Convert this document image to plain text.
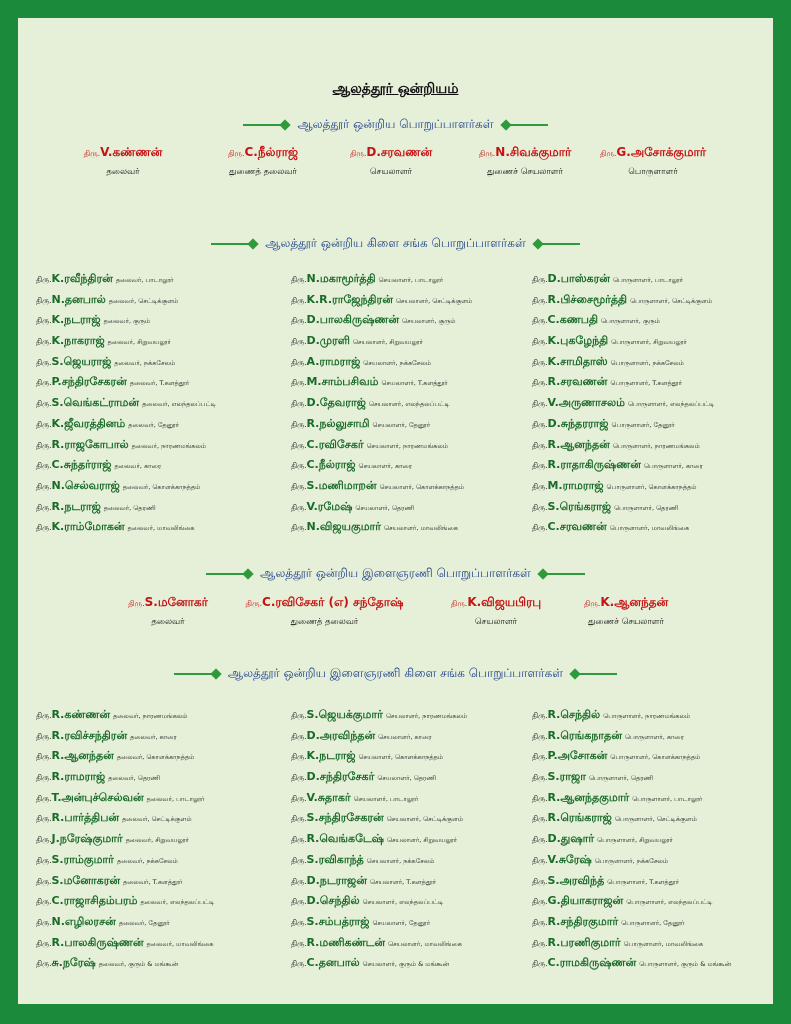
ஆலத்தூர் ஒன்றியம்
ஆலத்தூர் ஒன்றிய பொறுப்பாளர்கள்
திரு.V.கண்ணன்
தலைவர்
திரு.C.நீல்ராஜ்
துணைத் தலைவர்
திரு.D.சரவணன்
செயலாளர்
திரு.N.சிவக்குமார்
துணைச் செயலாளர்
திரு.G.அசோக்குமார்
பொருளாளர்
ஆலத்தூர் ஒன்றிய கிளை சங்க பொறுப்பாளர்கள்
திரு.K.ரவீந்திரன் தலைவர், பாடாலூர்
திரு.N.தனபால் தலைவர், செட்டிக்குளம்
திரு.K.நடராஜ் தலைவர், குரும்
திரு.K.நாகராஜ் தலைவர், சிறுவயலூர்
திரு.S.ஜெயராஜ் தலைவர், நக்கசேலம்
திரு.P.சந்திரசேகரன் தலைவர், T.களத்தூர்
திரு.S.வெங்கட்ராமன் தலைவர், எலந்தலப்பட்டி
திரு.K.ஜீவரத்தினம் தலைவர், தேனூர்
திரு.R.ராஜகோபால் தலைவர், நாரணமங்கலம்
திரு.C.சுந்தர்ராஜ் தலைவர், காரை
திரு.N.செல்வராஜ் தலைவர், கொளக்காநத்தம்
திரு.R.நடராஜ் தலைவர், தெரணி
திரு.K.ராம்மோகன் தலைவர், மாவலிங்கை
திரு.N.மகாமூர்த்தி செயலாளர், பாடாலூர்
திரு.K.R.ராஜேந்திரன் செயலாளர், செட்டிக்குளம்
திரு.D.பாலகிருஷ்ணன் செயலாளர், குரும்
திரு.D.முரளி செயலாளர், சிறுவயலூர்
திரு.A.ராமராஜ் செயலாளர், நக்கசேலம்
திரு.M.சாம்பசிவம் செயலாளர், T.களத்தூர்
திரு.D.தேவராஜ் செயலாளர், எலந்தலப்பட்டி
திரு.R.நல்லுசாமி செயலாளர், தேனூர்
திரு.C.ரவிசேகர் செயலாளர், நாரணமங்கலம்
திரு.C.நீல்ராஜ் செயலாளர், காரை
திரு.S.மணிமாறன் செயலாளர், கொளக்காநத்தம்
திரு.V.ரமேஷ் செயலாளர், தெரணி
திரு.N.விஜயகுமார் செயலாளர், மாவலிங்கை
திரு.D.பாஸ்கரன் பொருளாளர், பாடாலூர்
திரு.R.பிச்சைமூர்த்தி பொருளாளர், செட்டிக்குளம்
திரு.C.கணபதி பொருளாளர், குரும்
திரு.K.புகழேந்தி பொருளாளர், சிறுவயலூர்
திரு.K.சாமிதாஸ் பொருளாளர், நக்கசேலம்
திரு.R.சரவணன் பொருளாளர், T.களத்தூர்
திரு.V.அருணாசலம் பொருளாளர், எலந்தலப்பட்டி
திரு.D.சுந்தரராஜ் பொருளாளர், தேனூர்
திரு.R.ஆனந்தன் பொருளாளர், நாரணமங்கலம்
திரு.R.ராதாகிருஷ்ணன் பொருளாளர், காரை
திரு.M.ராமராஜ் பொருளாளர், கொளக்காநத்தம்
திரு.S.ரெங்கராஜ் பொருளாளர், தெரணி
திரு.C.சரவணன் பொருளாளர், மாவலிங்கை
ஆலத்தூர் ஒன்றிய இளைஞரணி பொறுப்பாளர்கள்
திரு.S.மனோகர்
தலைவர்
திரு.C.ரவிசேகர் (எ) சந்தோஷ்
துணைத் தலைவர்
திரு.K.விஜயபிரபு
செயலாளர்
திரு.K.ஆனந்தன்
துணைச் செயலாளர்
ஆலத்தூர் ஒன்றிய இளைஞரணி கிளை சங்க பொறுப்பாளர்கள்
திரு.R.கண்ணன் தலைவர், நாரணமங்கலம்
திரு.R.ரவிச்சந்திரன் தலைவர், காரை
திரு.R.ஆனந்தன் தலைவர், கொளக்காநத்தம்
திரு.R.ராமராஜ் தலைவர், தெரணி
திரு.T.அன்புச்செல்வன் தலைவர், பாடாலூர்
திரு.R.பார்த்திபன் தலைவர், செட்டிக்குளம்
திரு.J.நரேஷ்குமார் தலைவர், சிறுவயலூர்
திரு.S.ராம்குமார் தலைவர், நக்கசேலம்
திரு.S.மனோகரன் தலைவர், T.களத்தூர்
திரு.C.ராஜாசிதம்பரம் தலைவர், எலந்தலப்பட்டி
திரு.N.எழிலரசன் தலைவர், தேனூர்
திரு.R.பாலகிருஷ்ணன் தலைவர், மாவலிங்கை
திரு.சு.நரேஷ் தலைவர், குரும் & மங்கூன்
திரு.S.ஜெயக்குமார் செயலாளர், நாரணமங்கலம்
திரு.D.அரவிந்தன் செயலாளர், காரை
திரு.K.நடராஜ் செயலாளர், கொளக்காநத்தம்
திரு.D.சந்திரசேகர் செயலாளர், தெரணி
திரு.V.சுதாகர் செயலாளர், பாடாலூர்
திரு.S.சந்திரசேகரன் செயலாளர், செட்டிக்குளம்
திரு.R.வெங்கடேஷ் செயலாளர், சிறுவயலூர்
திரு.S.ரவிகாந்த் செயலாளர், நக்கசேலம்
திரு.D.நடராஜன் செயலாளர், T.களத்தூர்
திரு.D.செந்தில் செயலாளர், எலந்தலப்பட்டி
திரு.S.சம்பத்ராஜ் செயலாளர், தேனூர்
திரு.R.மணிகண்டன் செயலாளர், மாவலிங்கை
திரு.C.தனபால் செயலாளர், குரும் & மங்கூன்
திரு.R.செந்தில் பொருளாளர், நாரணமங்கலம்
திரு.R.ரெங்கநாதன் பொருளாளர், காரை
திரு.P.அசோகன் பொருளாளர், கொளக்காநத்தம்
திரு.S.ராஜா பொருளாளர், தெரணி
திரு.R.ஆனந்தகுமார் பொருளாளர், பாடாலூர்
திரு.R.ரெங்கராஜ் பொருளாளர், செட்டிக்குளம்
திரு.D.துஷார் பொருளாளர், சிறுவயலூர்
திரு.V.சுரேஷ் பொருளாளர், நக்கசேலம்
திரு.S.அரவிந்த் பொருளாளர், T.களத்தூர்
திரு.G.தியாகராஜன் பொருளாளர், எலந்தலப்பட்டி
திரு.R.சந்திரகுமார் பொருளாளர், தேனூர்
திரு.R.பரணிகுமார் பொருளாளர், மாவலிங்கை
திரு.C.ராமகிருஷ்ணன் பொருளாளர், குரும் & மங்கூன்
